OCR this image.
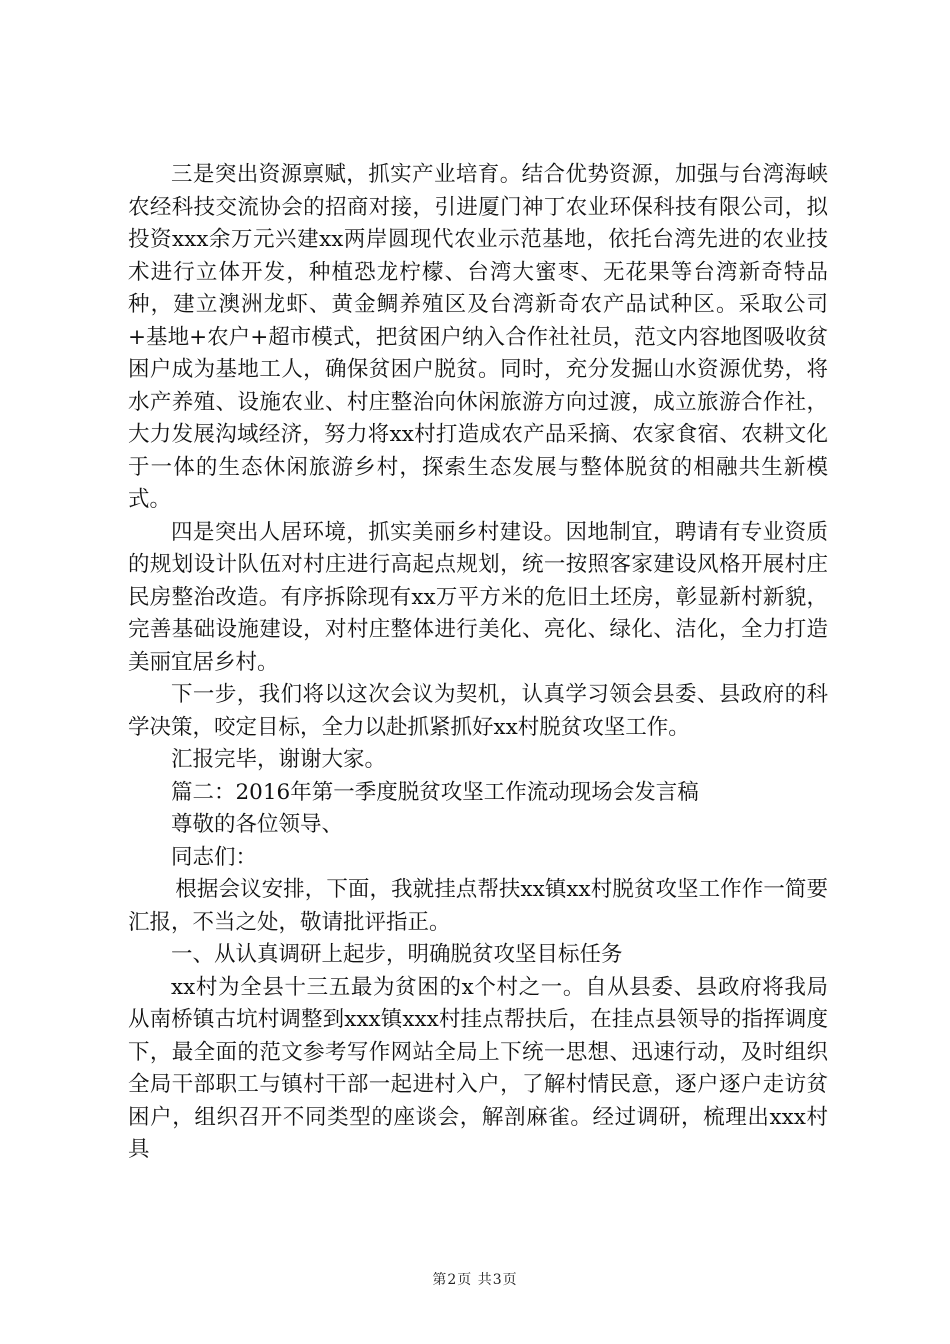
三是突出资源禀赋，抓实产业培育。结合优势资源，加强与台湾海峡农经科技交流协会的招商对接，引进厦门神丁农业环保科技有限公司，拟投资xxx余万元兴建xx两岸圆现代农业示范基地，依托台湾先进的农业技术进行立体开发，种植恐龙柠檬、台湾大蜜枣、无花果等台湾新奇特品种，建立澳洲龙虾、黄金鲷养殖区及台湾新奇农产品试种区。采取公司+基地+农户+超市模式，把贫困户纳入合作社社员，范文内容地图吸收贫困户成为基地工人，确保贫困户脱贫。同时，充分发掘山水资源优势，将水产养殖、设施农业、村庄整治向休闲旅游方向过渡，成立旅游合作社，大力发展沟域经济，努力将xx村打造成农产品采摘、农家食宿、农耕文化于一体的生态休闲旅游乡村，探索生态发展与整体脱贫的相融共生新模式。

四是突出人居环境，抓实美丽乡村建设。因地制宜，聘请有专业资质的规划设计队伍对村庄进行高起点规划，统一按照客家建设风格开展村庄民房整治改造。有序拆除现有xx万平方米的危旧土坯房，彰显新村新貌，完善基础设施建设，对村庄整体进行美化、亮化、绿化、洁化，全力打造美丽宜居乡村。

下一步，我们将以这次会议为契机，认真学习领会县委、县政府的科学决策，咬定目标，全力以赴抓紧抓好xx村脱贫攻坚工作。

汇报完毕，谢谢大家。

篇二：2016年第一季度脱贫攻坚工作流动现场会发言稿

尊敬的各位领导、

同志们：

根据会议安排，下面，我就挂点帮扶xx镇xx村脱贫攻坚工作作一简要汇报，不当之处，敬请批评指正。

一、从认真调研上起步，明确脱贫攻坚目标任务

xx村为全县十三五最为贫困的x个村之一。自从县委、县政府将我局从南桥镇古坑村调整到xxx镇xxx村挂点帮扶后，在挂点县领导的指挥调度下，最全面的范文参考写作网站全局上下统一思想、迅速行动，及时组织全局干部职工与镇村干部一起进村入户，了解村情民意，逐户逐户走访贫困户，组织召开不同类型的座谈会，解剖麻雀。经过调研，梳理出xxx村具

第2页 共3页
